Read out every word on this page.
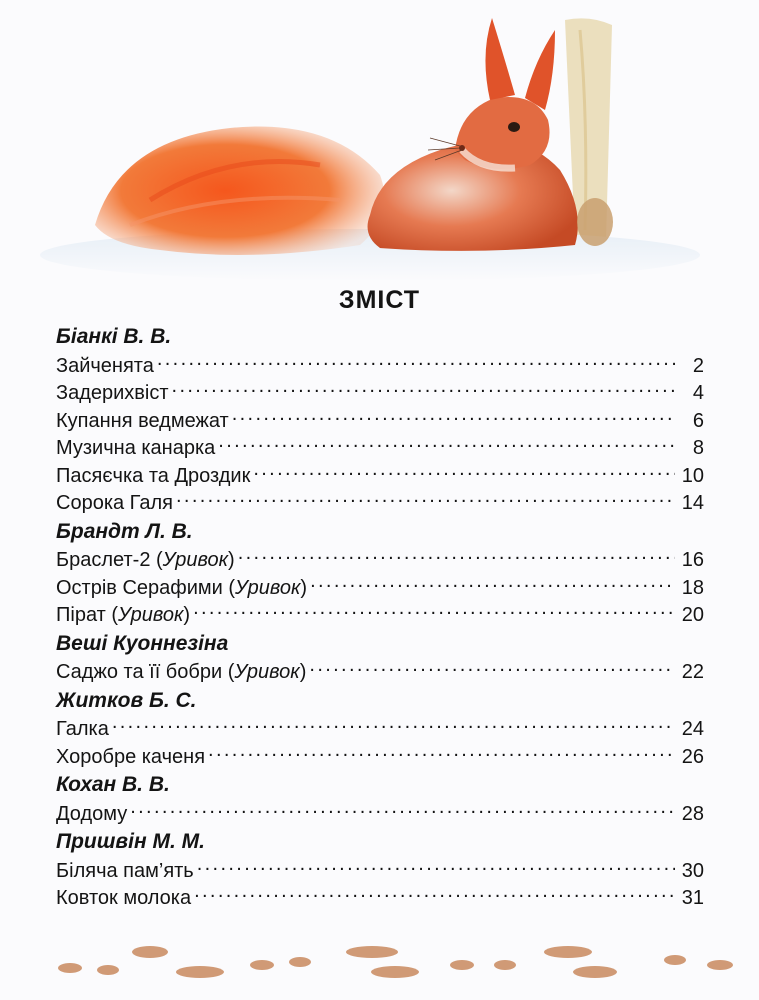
ЗМІСТ
Біанкі В. В.
Зайченята . . .	2
Задерихвіст . . .	4
Купання ведмежат . . .	6
Музична канарка . . .	8
Пасяєчка та Дроздик . . .	10
Сорока Галя . . .	14
Брандт Л. В.
Браслет-2 (Уривок) . . .	16
Острів Серафими (Уривок) . . .	18
Пірат (Уривок) . . .	20
Веші Куоннезіна
Саджо та її бобри (Уривок) . . .	22
Житков Б. С.
Галка . . .	24
Хоробре каченя . . .	26
Кохан В. В.
Додому . . .	28
Пришвін М. М.
Біляча пам’ять . . .	30
Ковток молока . . .	31
